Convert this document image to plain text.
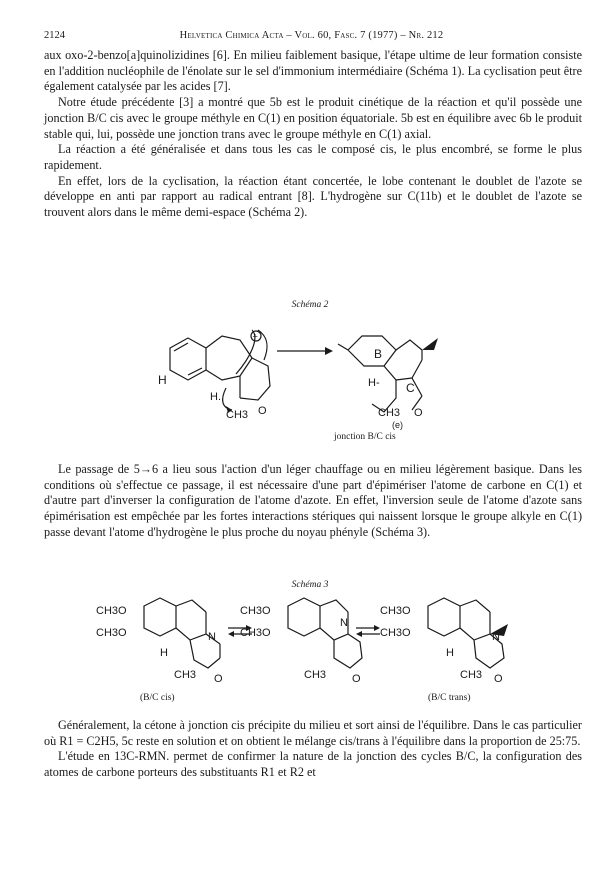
2124	Helvetica Chimica Acta – Vol. 60, Fasc. 7 (1977) – Nr. 212

aux oxo-2-benzo[a]quinolizidines [6]. En milieu faiblement basique, l'étape ultime de leur formation consiste en l'addition nucléophile de l'énolate sur le sel d'immonium intermédiaire (Schéma 1). La cyclisation peut être également catalysée par les acides [7].

Notre étude précédente [3] a montré que 5b est le produit cinétique de la réaction et qu'il possède une jonction B/C cis avec le groupe méthyle en C(1) en position équatoriale. 5b est en équilibre avec 6b le produit stable qui, lui, possède une jonction trans avec le groupe méthyle en C(1) axial.

La réaction a été généralisée et dans tous les cas le composé cis, le plus encombré, se forme le plus rapidement.

En effet, lors de la cyclisation, la réaction étant concertée, le lobe contenant le doublet de l'azote se développe en anti par rapport au radical entrant [8]. L'hydrogène sur C(11b) et le doublet de l'azote se trouvent alors dans le même demi-espace (Schéma 2).

Schéma 2
+
H
H..
CH3 O
B
C
H-
CH3 O
(e)
jonction B/C cis

Le passage de 5→6 a lieu sous l'action d'un léger chauffage ou en milieu légèrement basique. Dans les conditions où s'effectue ce passage, il est nécessaire d'une part d'épimériser l'atome de carbone en C(1) et d'autre part d'inverser la configuration de l'atome d'azote. En effet, l'inversion seule de l'atome d'azote sans épimérisation est empêchée par les fortes interactions stériques qui naissent lorsque le groupe alkyle en C(1) passe devant l'atome d'hydrogène le plus proche du noyau phényle (Schéma 3).

Schéma 3
CH3O
CH3O	N
H
CH3 O
CH3O
CH3O
N
CH3 O
CH3O
CH3O	N
H
CH3 O
(B/C cis)	(B/C trans)

Généralement, la cétone à jonction cis précipite du milieu et sort ainsi de l'équilibre. Dans le cas particulier où R1 = C2H5, 5c reste en solution et on obtient le mélange cis/trans à l'équilibre dans la proportion de 25:75.

L'étude en 13C-RMN. permet de confirmer la nature de la jonction des cycles B/C, la configuration des atomes de carbone porteurs des substituants R1 et R2 et
